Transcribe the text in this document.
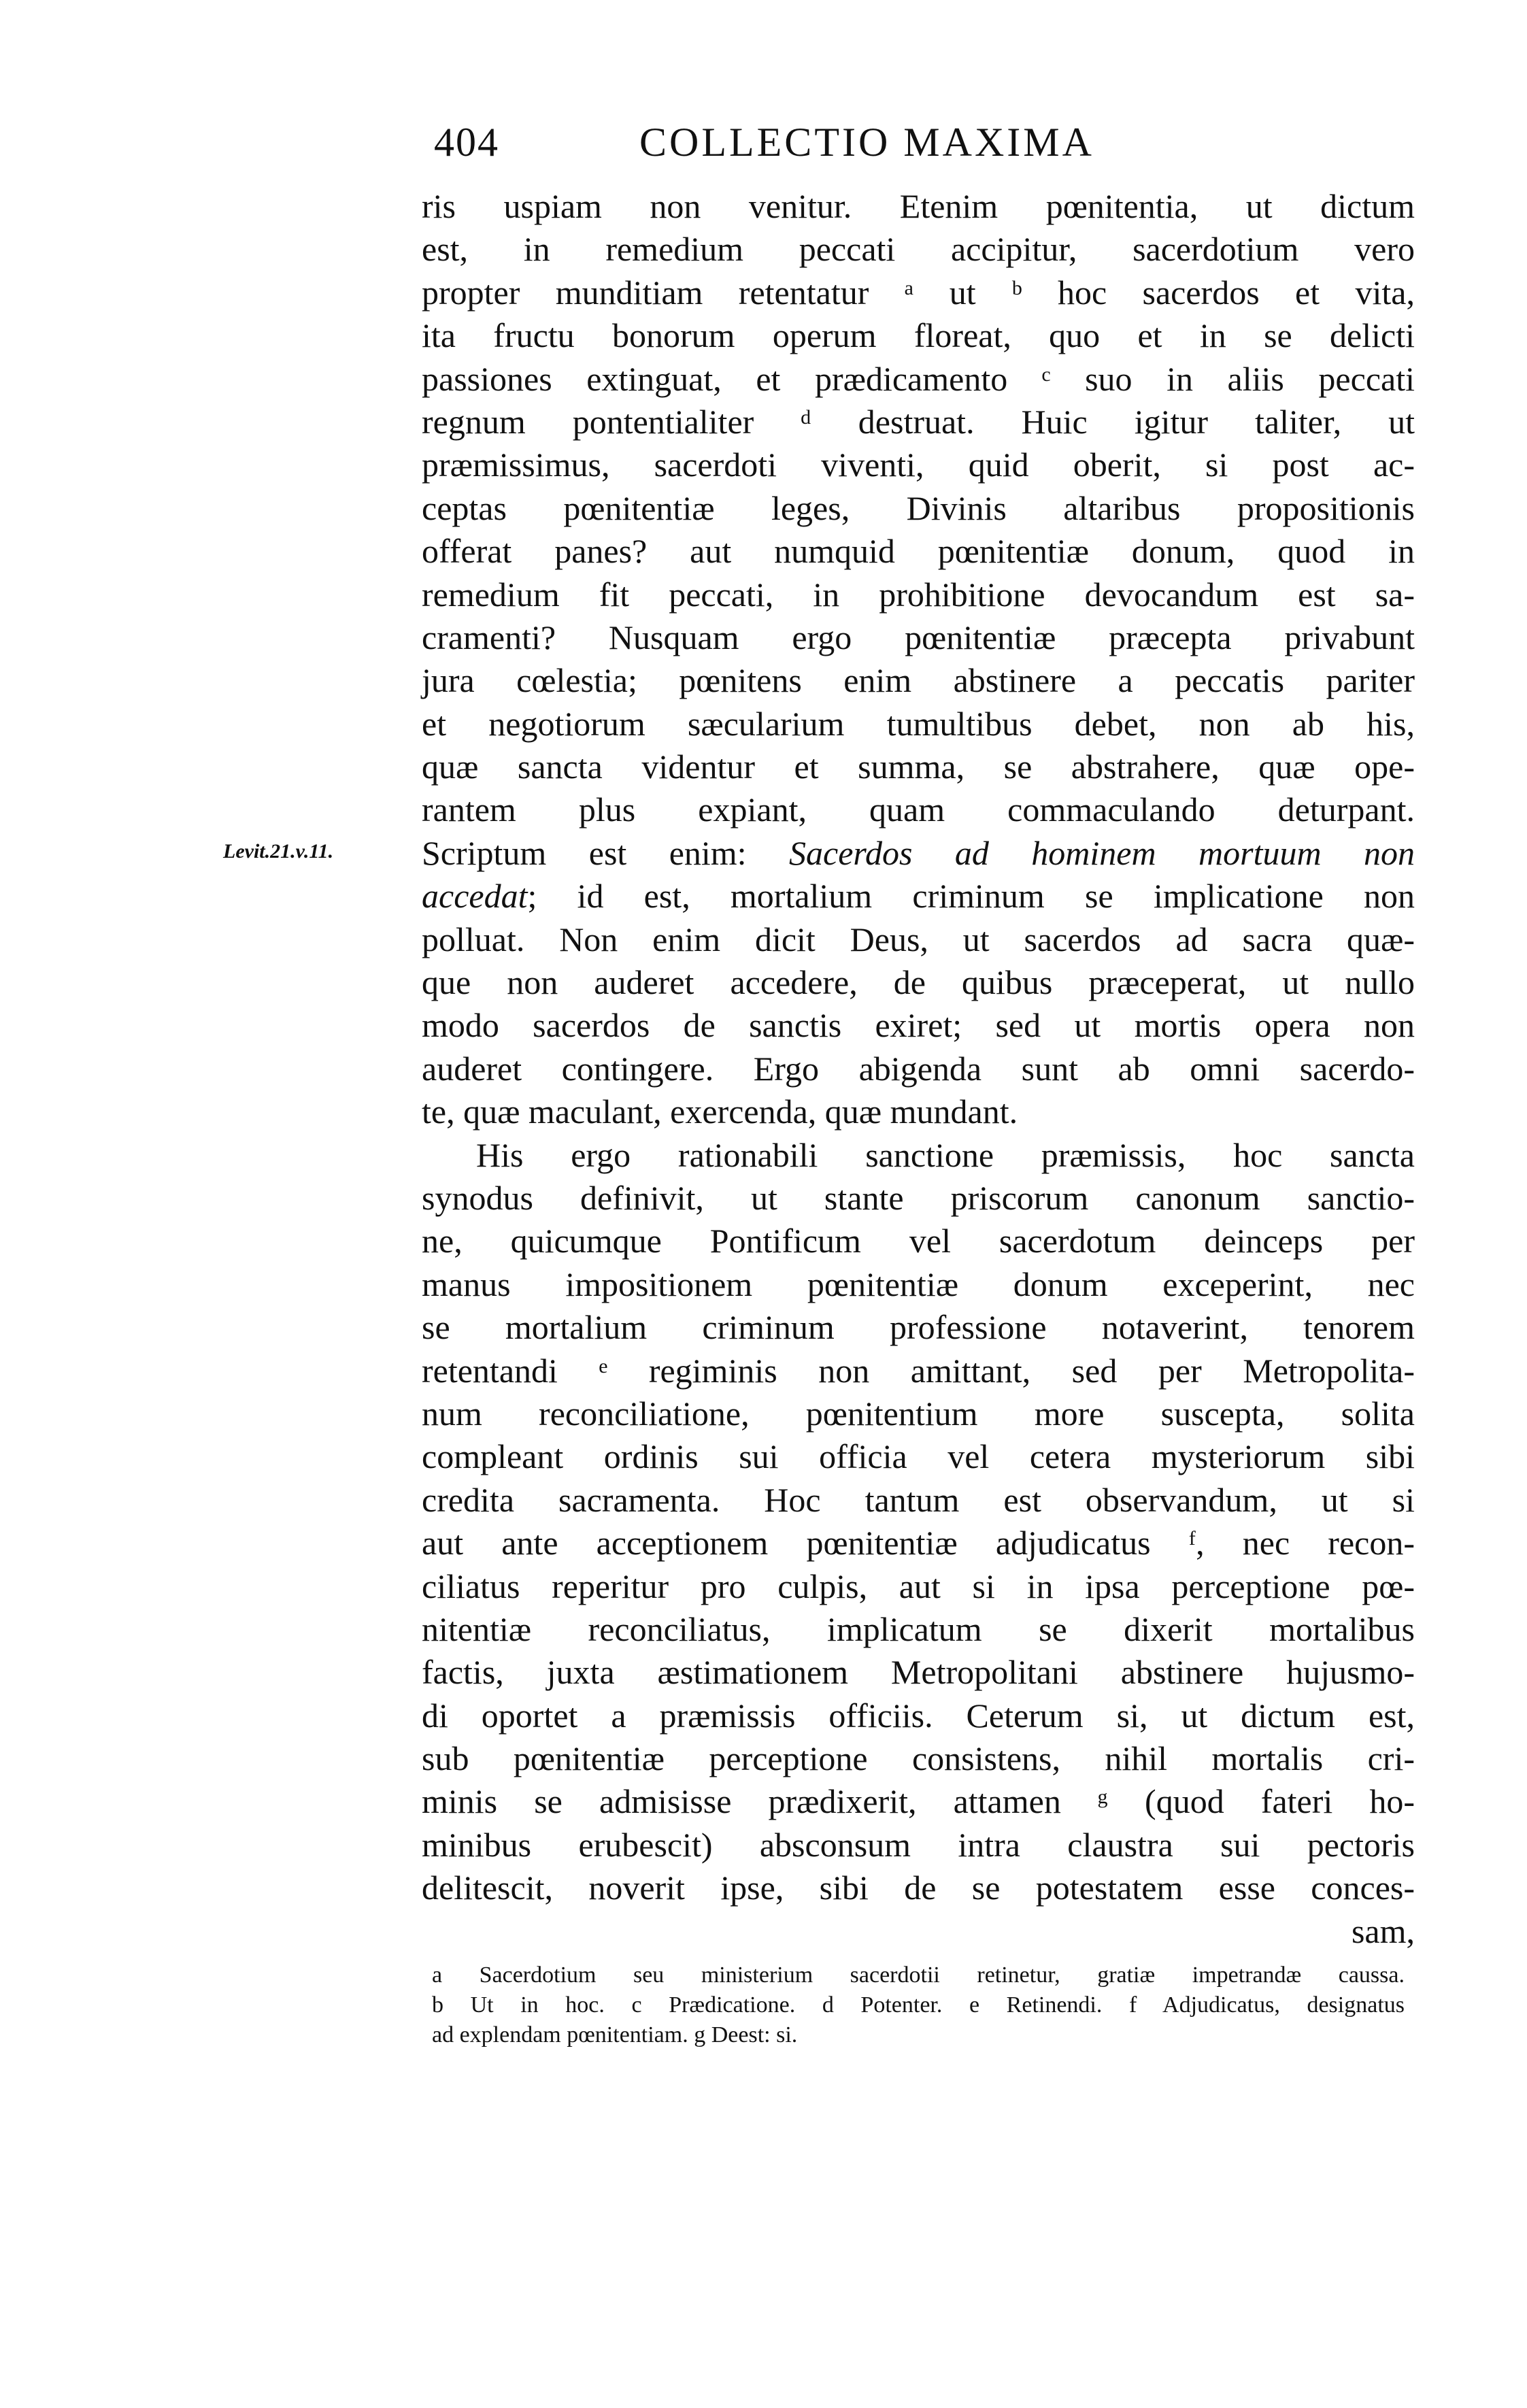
404	COLLECTIO MAXIMA
Levit.21.v.11.
ris uspiam non venitur. Etenim pœnitentia, ut dictum
est, in remedium peccati accipitur, sacerdotium vero
propter munditiam retentatur ᵃ ut ᵇ hoc sacerdos et vita,
ita fructu bonorum operum floreat, quo et in se delicti
passiones extinguat, et prædicamento ᶜ suo in aliis peccati
regnum pontentialiter ᵈ destruat. Huic igitur taliter, ut
præmissimus, sacerdoti viventi, quid oberit, si post ac-
ceptas pœnitentiæ leges, Divinis altaribus propositionis
offerat panes? aut numquid pœnitentiæ donum, quod in
remedium fit peccati, in prohibitione devocandum est sa-
cramenti? Nusquam ergo pœnitentiæ præcepta privabunt
jura cœlestia; pœnitens enim abstinere a peccatis pariter
et negotiorum sæcularium tumultibus debet, non ab his,
quæ sancta videntur et summa, se abstrahere, quæ ope-
rantem plus expiant, quam commaculando deturpant.
Scriptum est enim: Sacerdos ad hominem mortuum non
accedat; id est, mortalium criminum se implicatione non
polluat. Non enim dicit Deus, ut sacerdos ad sacra quæ-
que non auderet accedere, de quibus præceperat, ut nullo
modo sacerdos de sanctis exiret; sed ut mortis opera non
auderet contingere. Ergo abigenda sunt ab omni sacerdo-
te, quæ maculant, exercenda, quæ mundant.
His ergo rationabili sanctione præmissis, hoc sancta
synodus definivit, ut stante priscorum canonum sanctio-
ne, quicumque Pontificum vel sacerdotum deinceps per
manus impositionem pœnitentiæ donum exceperint, nec
se mortalium criminum professione notaverint, tenorem
retentandi ᵉ regiminis non amittant, sed per Metropolita-
num reconciliatione, pœnitentium more suscepta, solita
compleant ordinis sui officia vel cetera mysteriorum sibi
credita sacramenta. Hoc tantum est observandum, ut si
aut ante acceptionem pœnitentiæ adjudicatus ᶠ, nec recon-
ciliatus reperitur pro culpis, aut si in ipsa perceptione pœ-
nitentiæ reconciliatus, implicatum se dixerit mortalibus
factis, juxta æstimationem Metropolitani abstinere hujusmo-
di oportet a præmissis officiis. Ceterum si, ut dictum est,
sub pœnitentiæ perceptione consistens, nihil mortalis cri-
minis se admisisse prædixerit, attamen ᵍ (quod fateri ho-
minibus erubescit) absconsum intra claustra sui pectoris
delitescit, noverit ipse, sibi de se potestatem esse conces-
sam,
a Sacerdotium seu ministerium sacerdotii retinetur, gratiæ impetrandæ caussa.
b Ut in hoc. c Prædicatione. d Potenter. e Retinendi. f Adjudicatus, designatus
ad explendam pœnitentiam. g Deest: si.
